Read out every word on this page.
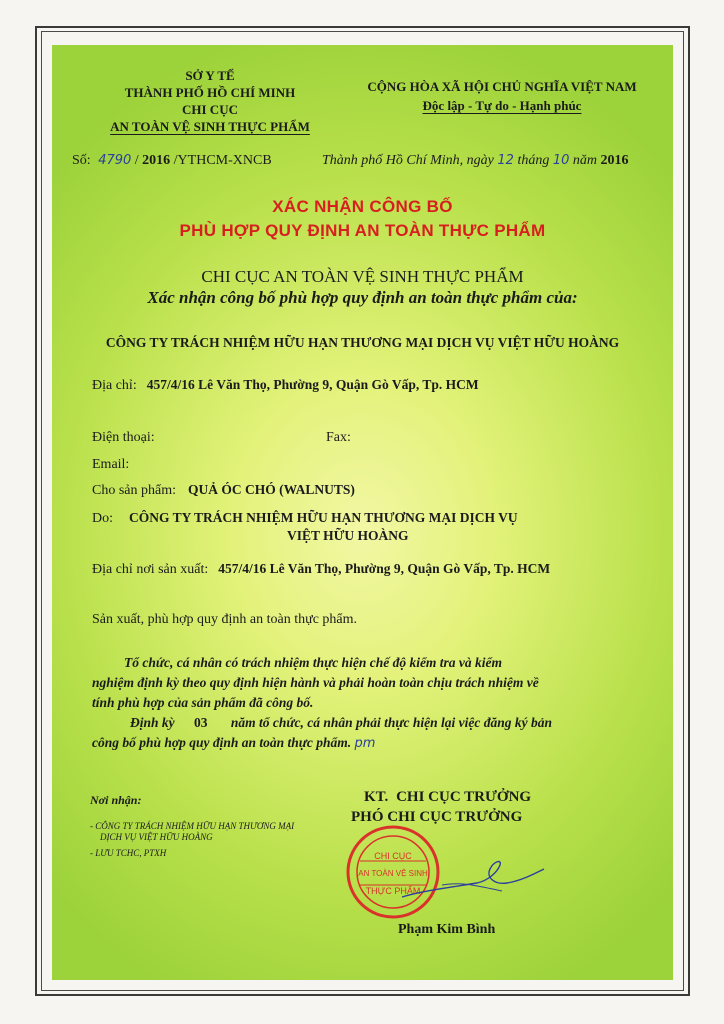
SỞ Y TẾ
THÀNH PHỐ HỒ CHÍ MINH
CHI CỤC
AN TOÀN VỆ SINH THỰC PHẨM
CỘNG HÒA XÃ HỘI CHỦ NGHĨA VIỆT NAM
Độc lập - Tự do - Hạnh phúc
Số: 4790 / 2016 /YTHCM-XNCB	Thành phố Hồ Chí Minh, ngày 12 tháng 10 năm 2016
XÁC NHẬN CÔNG BỐ
PHÙ HỢP QUY ĐỊNH AN TOÀN THỰC PHẨM
CHI CỤC AN TOÀN VỆ SINH THỰC PHẨM
Xác nhận công bố phù hợp quy định an toàn thực phẩm của:
CÔNG TY TRÁCH NHIỆM HỮU HẠN THƯƠNG MẠI DỊCH VỤ VIỆT HỮU HOÀNG
Địa chỉ: 457/4/16 Lê Văn Thọ, Phường 9, Quận Gò Vấp, Tp. HCM
Điện thoại:	Fax:
Email:
Cho sản phẩm: QUẢ ÓC CHÓ (WALNUTS)
Do: CÔNG TY TRÁCH NHIỆM HỮU HẠN THƯƠNG MẠI DỊCH VỤ
VIỆT HỮU HOÀNG
Địa chỉ nơi sản xuất: 457/4/16 Lê Văn Thọ, Phường 9, Quận Gò Vấp, Tp. HCM
Sản xuất, phù hợp quy định an toàn thực phẩm.
Tổ chức, cá nhân có trách nhiệm thực hiện chế độ kiểm tra và kiểm
nghiệm định kỳ theo quy định hiện hành và phải hoàn toàn chịu trách nhiệm về
tính phù hợp của sản phẩm đã công bố.
Định kỳ 03 năm tổ chức, cá nhân phải thực hiện lại việc đăng ký bản
công bố phù hợp quy định an toàn thực phẩm. pm
Nơi nhận:
- CÔNG TY TRÁCH NHIỆM HỮU HẠN THƯƠNG MẠI
DỊCH VỤ VIỆT HỮU HOÀNG
- LƯU TCHC, PTXH
KT. CHI CỤC TRƯỞNG
PHÓ CHI CỤC TRƯỞNG
CHI CỤC
AN TOÀN VỆ SINH
THỰC PHẨM
Phạm Kim Bình
